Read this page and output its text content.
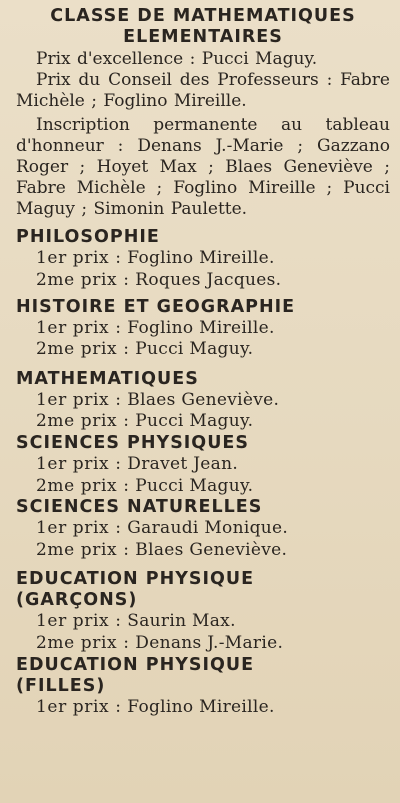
CLASSE DE MATHEMATIQUES
ELEMENTAIRES

Prix d'excellence : Pucci Maguy.

Prix du Conseil des Professeurs : Fabre Michèle ; Foglino Mireille.

Inscription permanente au tableau d'honneur : Denans J.-Marie ; Gazzano Roger ; Hoyet Max ; Blaes Geneviève ; Fabre Michèle ; Foglino Mireille ; Pucci Maguy ; Simonin Paulette.

PHILOSOPHIE
1er prix : Foglino Mireille.
2me prix : Roques Jacques.
HISTOIRE ET GEOGRAPHIE
1er prix : Foglino Mireille.
2me prix : Pucci Maguy.
MATHEMATIQUES
1er prix : Blaes Geneviève.
2me prix : Pucci Maguy.
SCIENCES PHYSIQUES
1er prix : Dravet Jean.
2me prix : Pucci Maguy.
SCIENCES NATURELLES
1er prix : Garaudi Monique.
2me prix : Blaes Geneviève.
EDUCATION PHYSIQUE
(GARÇONS)
1er prix : Saurin Max.
2me prix : Denans J.-Marie.
EDUCATION PHYSIQUE
(FILLES)
1er prix : Foglino Mireille.
